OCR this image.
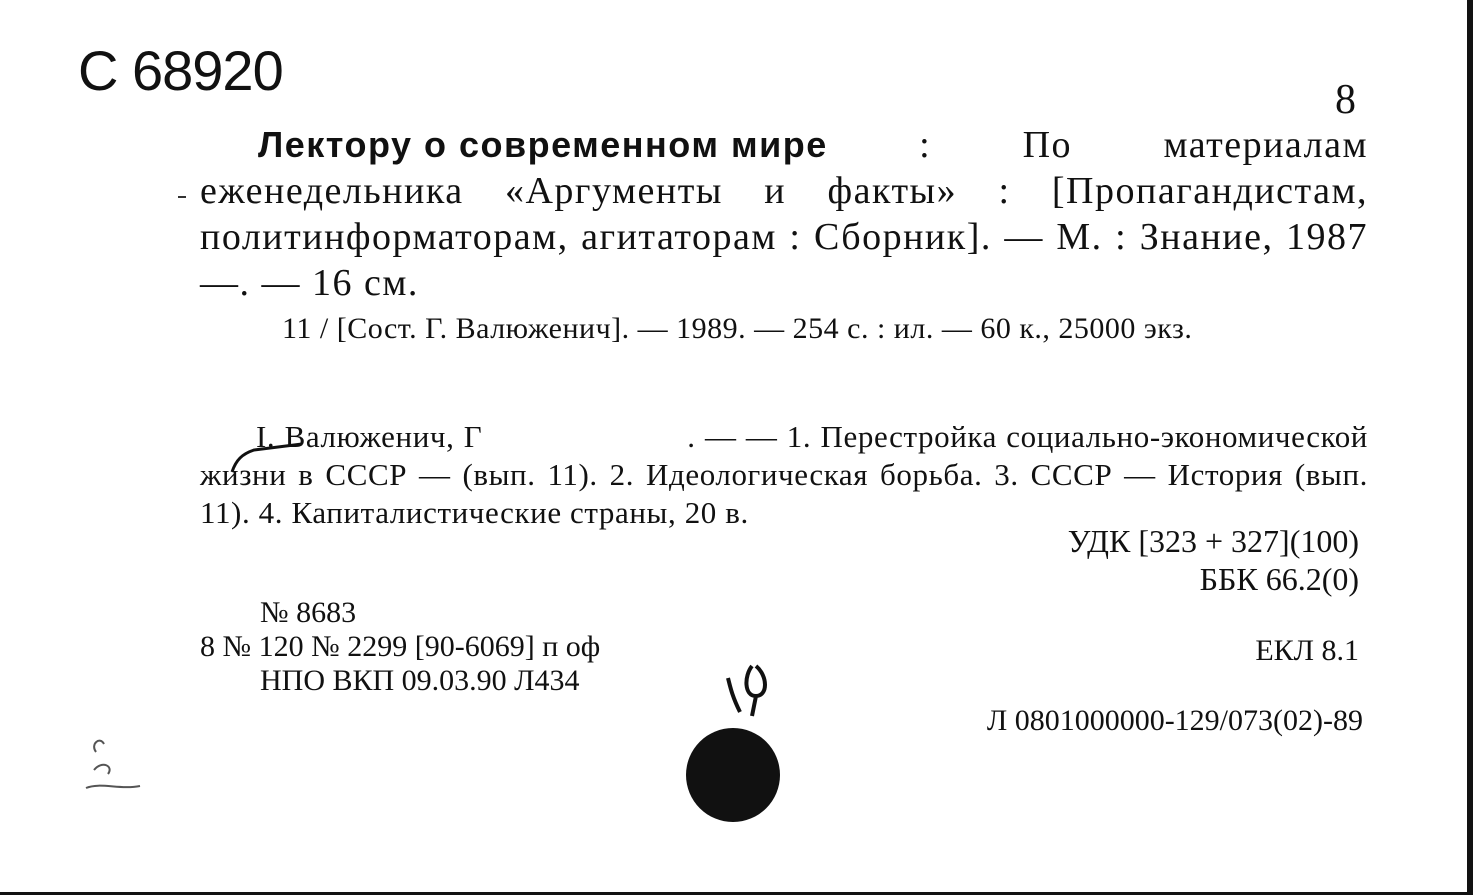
С 68920	8
Лектору о современном мире : По материалам еженедельника «Аргументы и факты» : [Пропагандистам, политинформаторам, агитаторам : Сборник]. — М. : Знание, 1987—. — 16 см.
11 / [Сост. Г. Валюженич]. — 1989. — 254 с. : ил. — 60 к., 25000 экз.
I. Валюженич, Г	. — — 1. Перестройка социально-экономической жизни в СССР — (вып. 11). 2. Идеологическая борьба. 3. СССР — История (вып. 11). 4. Капиталистические страны, 20 в.
УДК [323 + 327](100)
ББК 66.2(0)
№ 8683
8 № 120 № 2299 [90-6069] п оф
НПО ВКП 09.03.90 Л434
ЕКЛ 8.1
Л 0801000000-129/073(02)-89
